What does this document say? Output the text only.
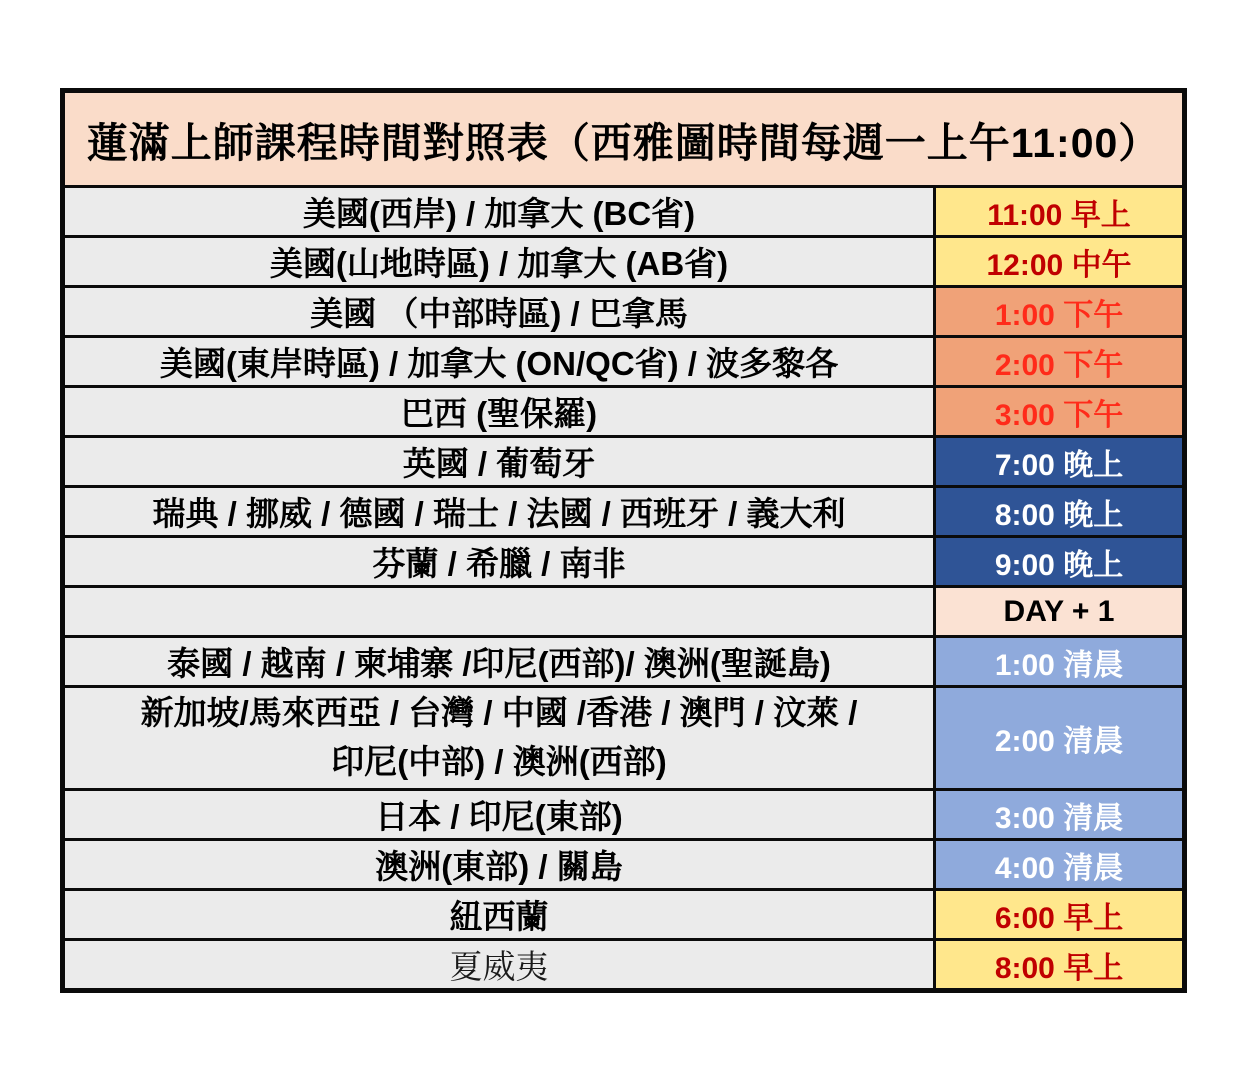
蓮滿上師課程時間對照表（西雅圖時間每週一上午11:00）	
美國(西岸) / 加拿大 (BC省)	11:00 早上
美國(山地時區) / 加拿大 (AB省)	12:00 中午
美國 （中部時區) / 巴拿馬	1:00 下午
美國(東岸時區) / 加拿大 (ON/QC省) / 波多黎各	2:00 下午
巴西 (聖保羅)	3:00 下午
英國 / 葡萄牙	7:00 晚上
瑞典 / 挪威 / 德國 / 瑞士 / 法國 / 西班牙 / 義大利	8:00 晚上
芬蘭 / 希臘 / 南非	9:00 晚上
	DAY + 1
泰國 / 越南 / 柬埔寨 /印尼(西部)/ 澳洲(聖誕島)	1:00 清晨

新加坡/馬來西亞 / 台灣 / 中國 /香港 / 澳門 / 汶萊 /
印尼(中部) / 澳洲(西部)	2:00 清晨
日本 / 印尼(東部)	3:00 清晨
澳洲(東部) / 關島	4:00 清晨
紐西蘭	6:00 早上
夏威夷	8:00 早上
